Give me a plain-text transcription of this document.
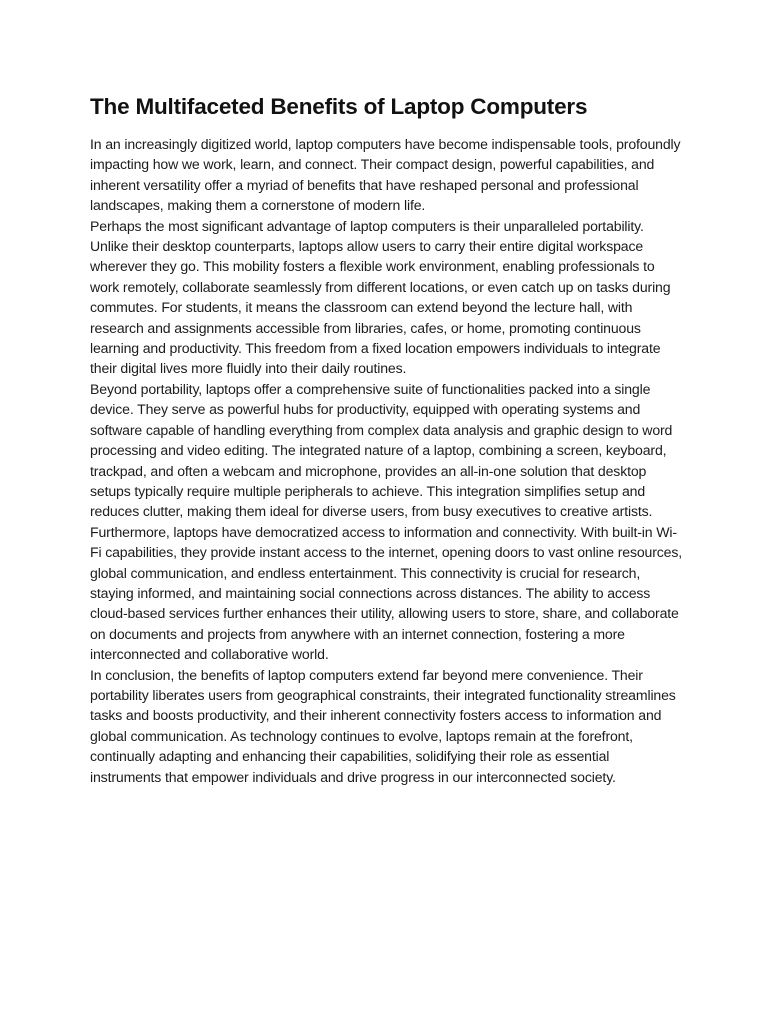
The Multifaceted Benefits of Laptop Computers

In an increasingly digitized world, laptop computers have become indispensable tools, profoundly impacting how we work, learn, and connect. Their compact design, powerful capabilities, and inherent versatility offer a myriad of benefits that have reshaped personal and professional landscapes, making them a cornerstone of modern life.

Perhaps the most significant advantage of laptop computers is their unparalleled portability. Unlike their desktop counterparts, laptops allow users to carry their entire digital workspace wherever they go. This mobility fosters a flexible work environment, enabling professionals to work remotely, collaborate seamlessly from different locations, or even catch up on tasks during commutes. For students, it means the classroom can extend beyond the lecture hall, with research and assignments accessible from libraries, cafes, or home, promoting continuous learning and productivity. This freedom from a fixed location empowers individuals to integrate their digital lives more fluidly into their daily routines.

Beyond portability, laptops offer a comprehensive suite of functionalities packed into a single device. They serve as powerful hubs for productivity, equipped with operating systems and software capable of handling everything from complex data analysis and graphic design to word processing and video editing. The integrated nature of a laptop, combining a screen, keyboard, trackpad, and often a webcam and microphone, provides an all-in-one solution that desktop setups typically require multiple peripherals to achieve. This integration simplifies setup and reduces clutter, making them ideal for diverse users, from busy executives to creative artists.

Furthermore, laptops have democratized access to information and connectivity. With built-in Wi-Fi capabilities, they provide instant access to the internet, opening doors to vast online resources, global communication, and endless entertainment. This connectivity is crucial for research, staying informed, and maintaining social connections across distances. The ability to access cloud-based services further enhances their utility, allowing users to store, share, and collaborate on documents and projects from anywhere with an internet connection, fostering a more interconnected and collaborative world.

In conclusion, the benefits of laptop computers extend far beyond mere convenience. Their portability liberates users from geographical constraints, their integrated functionality streamlines tasks and boosts productivity, and their inherent connectivity fosters access to information and global communication. As technology continues to evolve, laptops remain at the forefront, continually adapting and enhancing their capabilities, solidifying their role as essential instruments that empower individuals and drive progress in our interconnected society.
